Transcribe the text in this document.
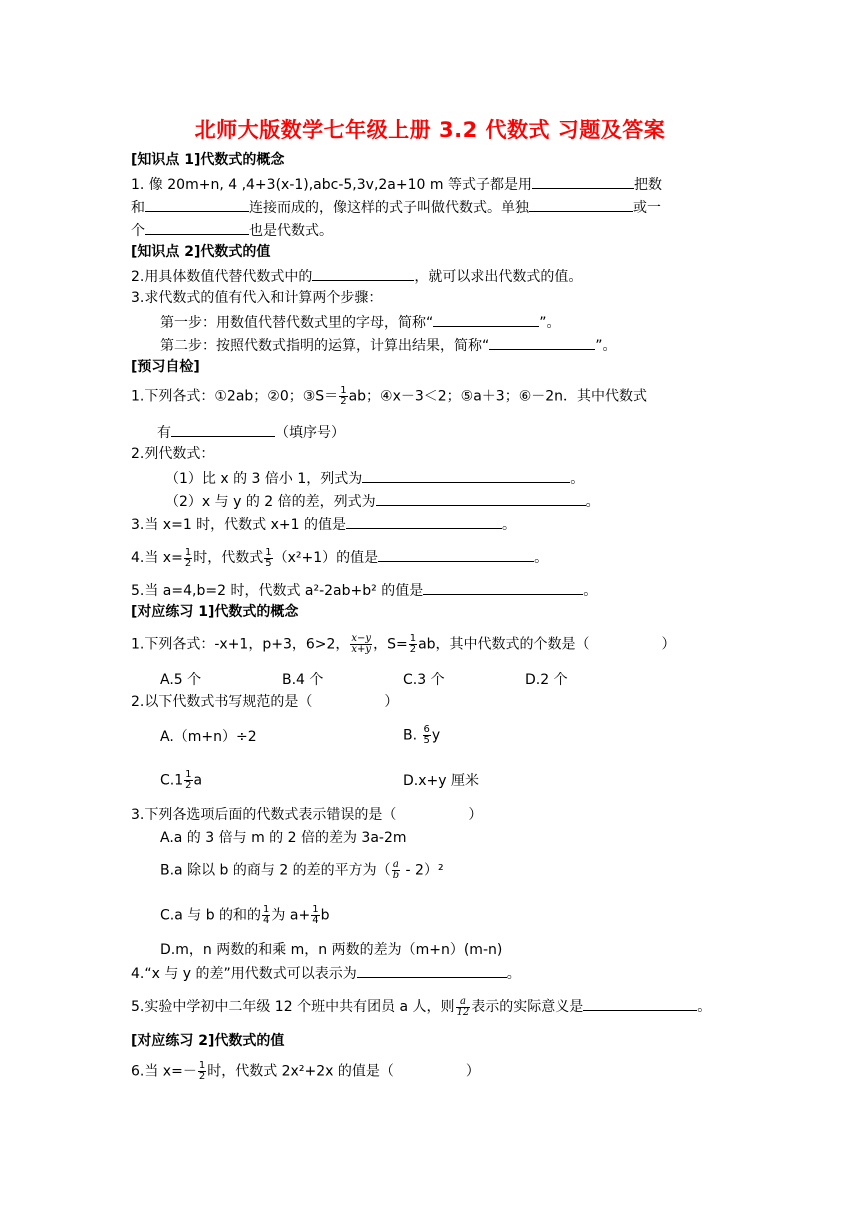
北师大版数学七年级上册 3.2 代数式 习题及答案
[知识点 1]代数式的概念
1. 像 20m+n, 4 ,4+3(x-1),abc-5,3v,2a+10 m 等式子都是用	把数
和	连接而成的，像这样的式子叫做代数式。单独	或一
个	也是代数式。
[知识点 2]代数式的值
2.用具体数值代替代数式中的	，就可以求出代数式的值。
3.求代数式的值有代入和计算两个步骤：
第一步：用数值代替代数式里的字母，简称“	”。
第二步：按照代数式指明的运算，计算出结果，简称“	”。
[预习自检]
1.下列各式：①2ab；②0；③S＝ $\frac{1}{2}$ ab；④x－3＜2；⑤a＋3；⑥－2n．其中代数式
有	（填序号）
2.列代数式：
（1）比 x 的 3 倍小 1，列式为	。
（2）x 与 y 的 2 倍的差，列式为	。
3.当 x=1 时，代数式 x+1 的值是	。
4.当 $x= \frac{1}{2}$ 时，代数式 $\frac{1}{5} (x^2+1)$的值是	。
5.当 a=4,b=2 时，代数式 a²-2ab+b² 的值是	。
[对应练习 1]代数式的概念
1.下列各式：-x+1，p+3，6>2， $\frac{x-y}{x+y}$ ，$S= \frac{1}{2}$ ab，其中代数式的个数是（	）
A.5 个	B.4 个	C.3 个	D.2 个
2.以下代数式书写规范的是（	）
A.（m+n）÷2	B. $\frac{6}{5}$ y
$C.1 \frac{1}{2}$ a	D.x+y 厘米
3.下列各选项后面的代数式表示错误的是（	）
A.a 的 3 倍与 m 的 2 倍的差为 3a-2m
B.a 除以 b 的商与 2 的差的平方为（ $\frac{a}{b} - 2)^2$
C.a 与 b 的和的 $\frac{1}{4}$ 为 $a+ \frac{1}{4}$ b
D.m，n 两数的和乘 m，n 两数的差为（m+n）(m-n)
4.“x 与 y 的差”用代数式可以表示为	。
5.实验中学初中二年级 12 个班中共有团员 a 人，则 $\frac{a}{12}$ 表示的实际意义是	。
[对应练习 2]代数式的值
6.当 $x=- \frac{1}{2}$ 时，代数式 2x²+2x 的值是（	）
